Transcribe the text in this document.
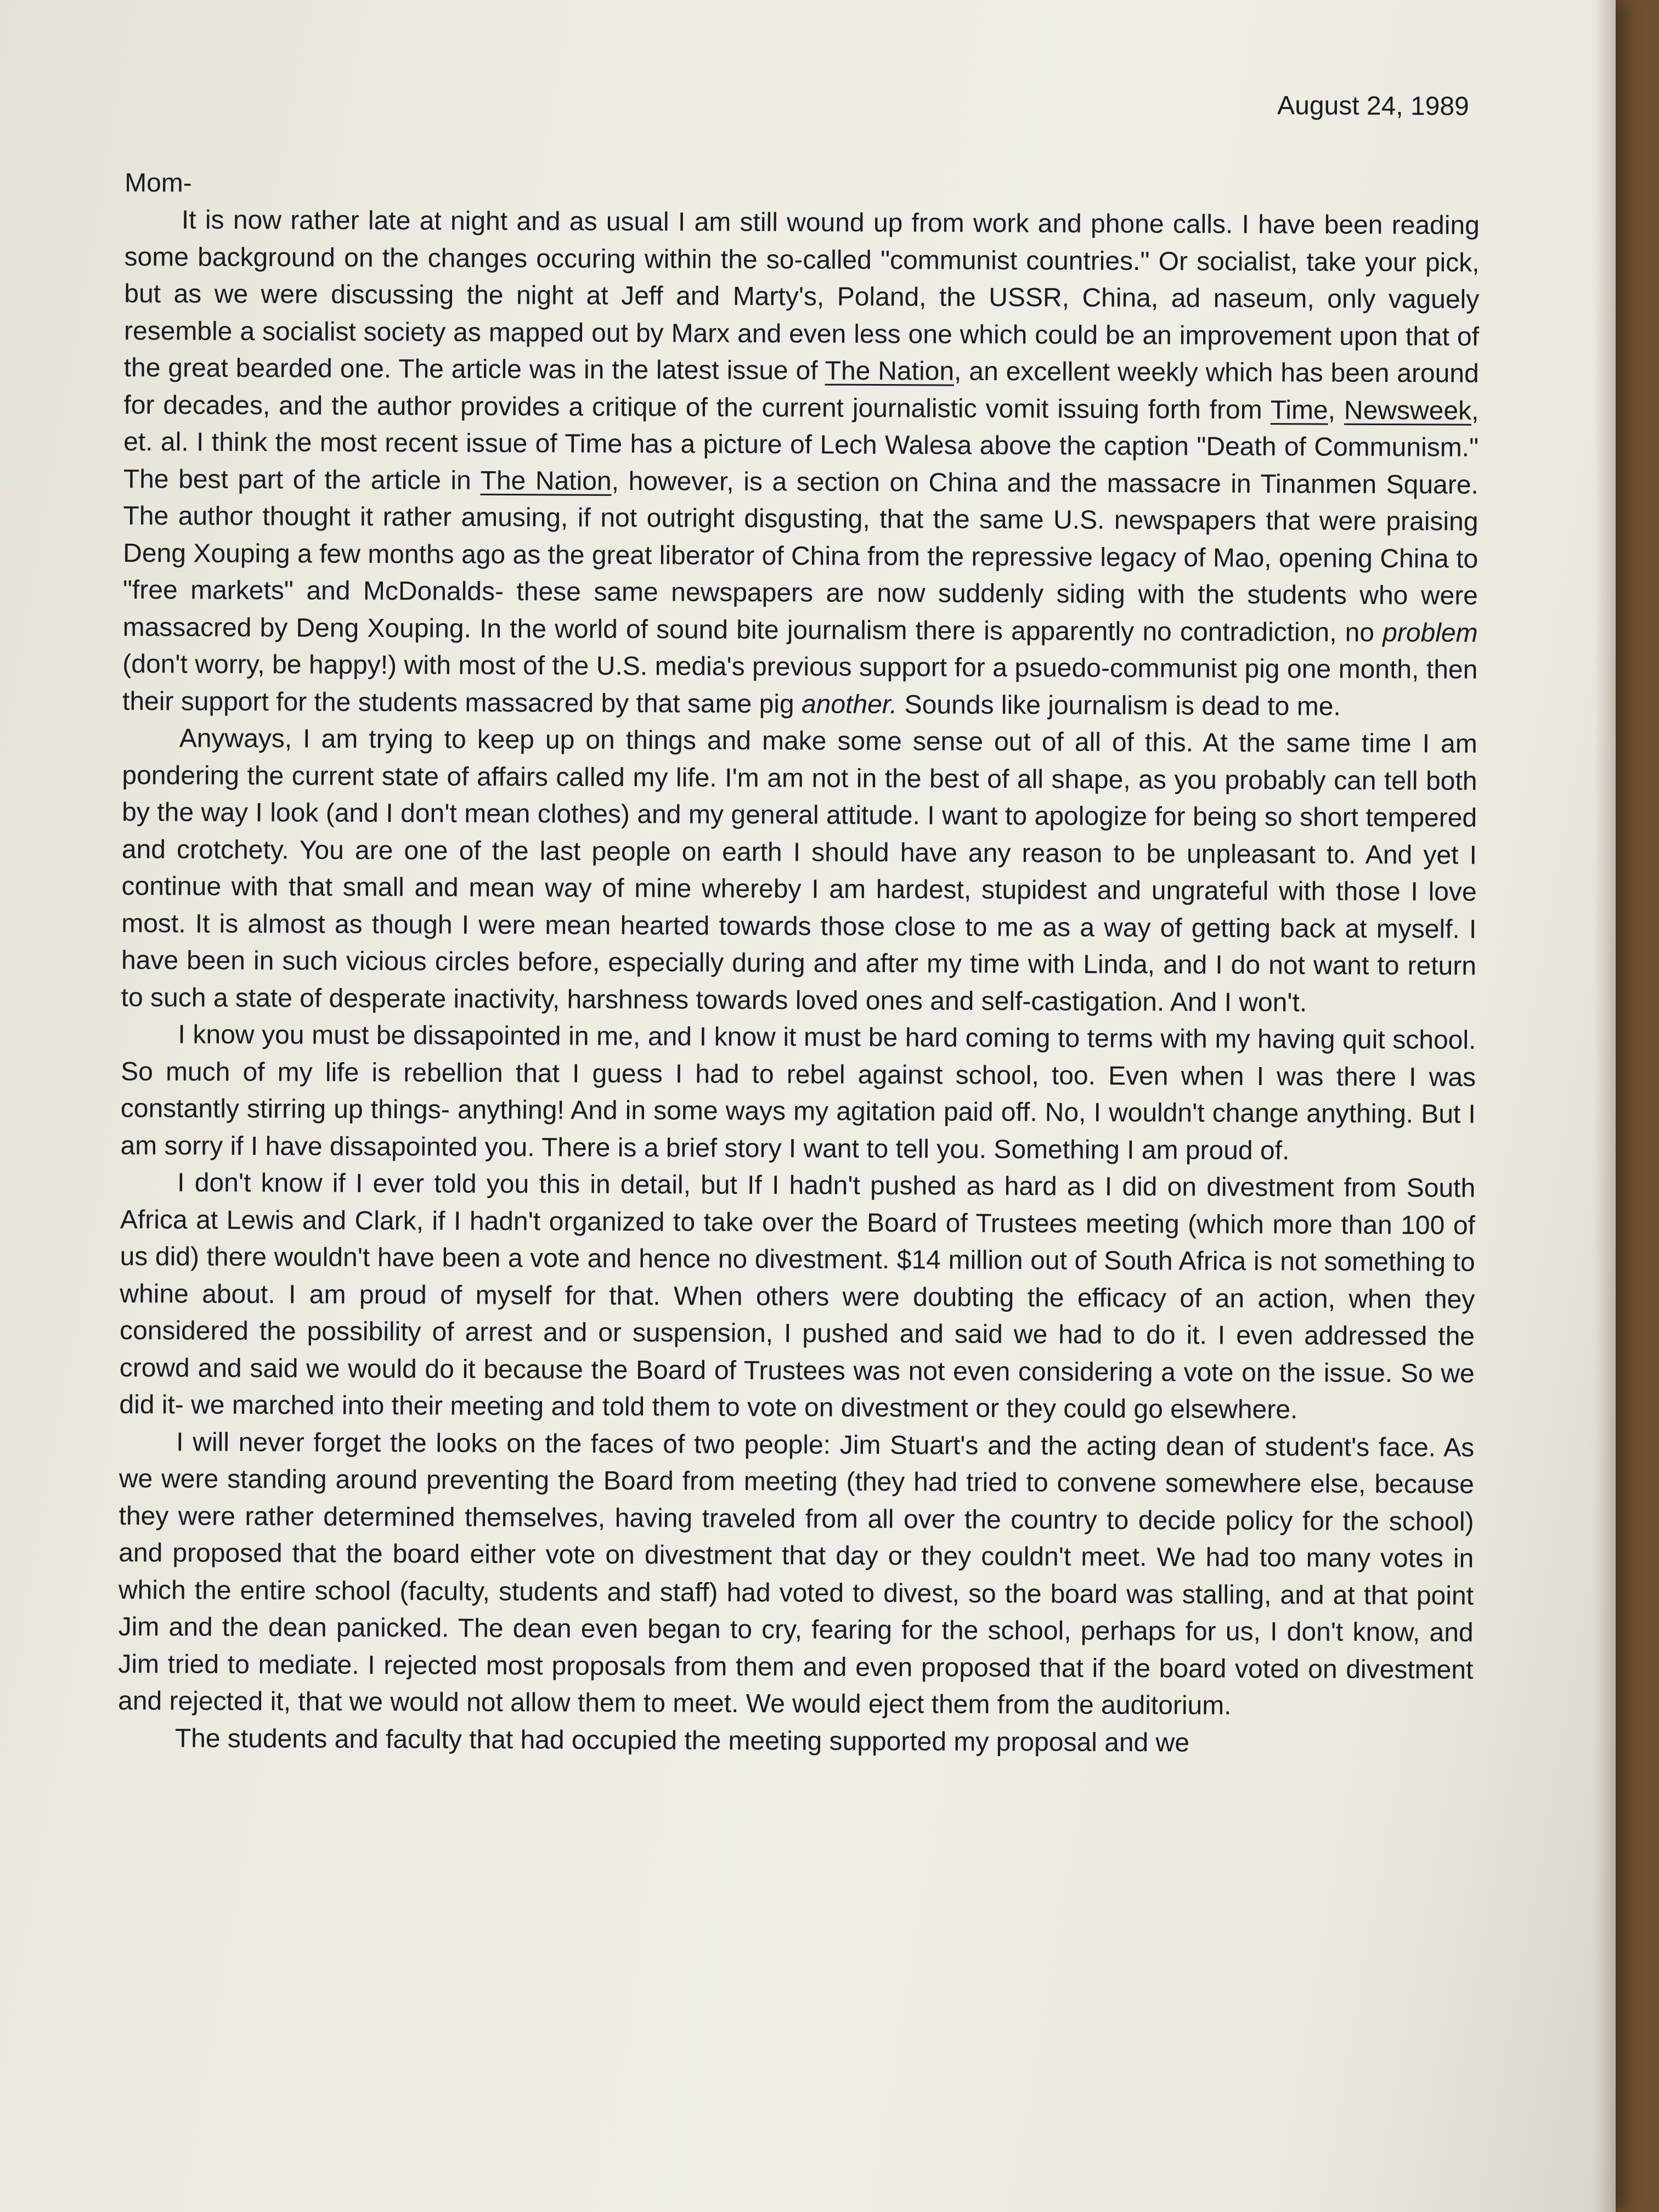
August 24, 1989
Mom-

It is now rather late at night and as usual I am still wound up from work and phone calls. I have been reading some background on the changes occuring within the so-called "communist countries." Or socialist, take your pick, but as we were discussing the night at Jeff and Marty's, Poland, the USSR, China, ad naseum, only vaguely resemble a socialist society as mapped out by Marx and even less one which could be an improvement upon that of the great bearded one. The article was in the latest issue of The Nation, an excellent weekly which has been around for decades, and the author provides a critique of the current journalistic vomit issuing forth from Time, Newsweek, et. al. I think the most recent issue of Time has a picture of Lech Walesa above the caption "Death of Communism." The best part of the article in The Nation, however, is a section on China and the massacre in Tinanmen Square. The author thought it rather amusing, if not outright disgusting, that the same U.S. newspapers that were praising Deng Xouping a few months ago as the great liberator of China from the repressive legacy of Mao, opening China to "free markets" and McDonalds- these same newspapers are now suddenly siding with the students who were massacred by Deng Xouping. In the world of sound bite journalism there is apparently no contradiction, no problem (don't worry, be happy!) with most of the U.S. media's previous support for a psuedo-communist pig one month, then their support for the students massacred by that same pig another. Sounds like journalism is dead to me.

Anyways, I am trying to keep up on things and make some sense out of all of this. At the same time I am pondering the current state of affairs called my life. I'm am not in the best of all shape, as you probably can tell both by the way I look (and I don't mean clothes) and my general attitude. I want to apologize for being so short tempered and crotchety. You are one of the last people on earth I should have any reason to be unpleasant to. And yet I continue with that small and mean way of mine whereby I am hardest, stupidest and ungrateful with those I love most. It is almost as though I were mean hearted towards those close to me as a way of getting back at myself. I have been in such vicious circles before, especially during and after my time with Linda, and I do not want to return to such a state of desperate inactivity, harshness towards loved ones and self-castigation. And I won't.

I know you must be dissapointed in me, and I know it must be hard coming to terms with my having quit school. So much of my life is rebellion that I guess I had to rebel against school, too. Even when I was there I was constantly stirring up things- anything! And in some ways my agitation paid off. No, I wouldn't change anything. But I am sorry if I have dissapointed you. There is a brief story I want to tell you. Something I am proud of.

I don't know if I ever told you this in detail, but If I hadn't pushed as hard as I did on divestment from South Africa at Lewis and Clark, if I hadn't organized to take over the Board of Trustees meeting (which more than 100 of us did) there wouldn't have been a vote and hence no divestment. $14 million out of South Africa is not something to whine about. I am proud of myself for that. When others were doubting the efficacy of an action, when they considered the possibility of arrest and or suspension, I pushed and said we had to do it. I even addressed the crowd and said we would do it because the Board of Trustees was not even considering a vote on the issue. So we did it- we marched into their meeting and told them to vote on divestment or they could go elsewhere.

I will never forget the looks on the faces of two people: Jim Stuart's and the acting dean of student's face. As we were standing around preventing the Board from meeting (they had tried to convene somewhere else, because they were rather determined themselves, having traveled from all over the country to decide policy for the school) and proposed that the board either vote on divestment that day or they couldn't meet. We had too many votes in which the entire school (faculty, students and staff) had voted to divest, so the board was stalling, and at that point Jim and the dean panicked. The dean even began to cry, fearing for the school, perhaps for us, I don't know, and Jim tried to mediate. I rejected most proposals from them and even proposed that if the board voted on divestment and rejected it, that we would not allow them to meet. We would eject them from the auditorium.

The students and faculty that had occupied the meeting supported my proposal and we
